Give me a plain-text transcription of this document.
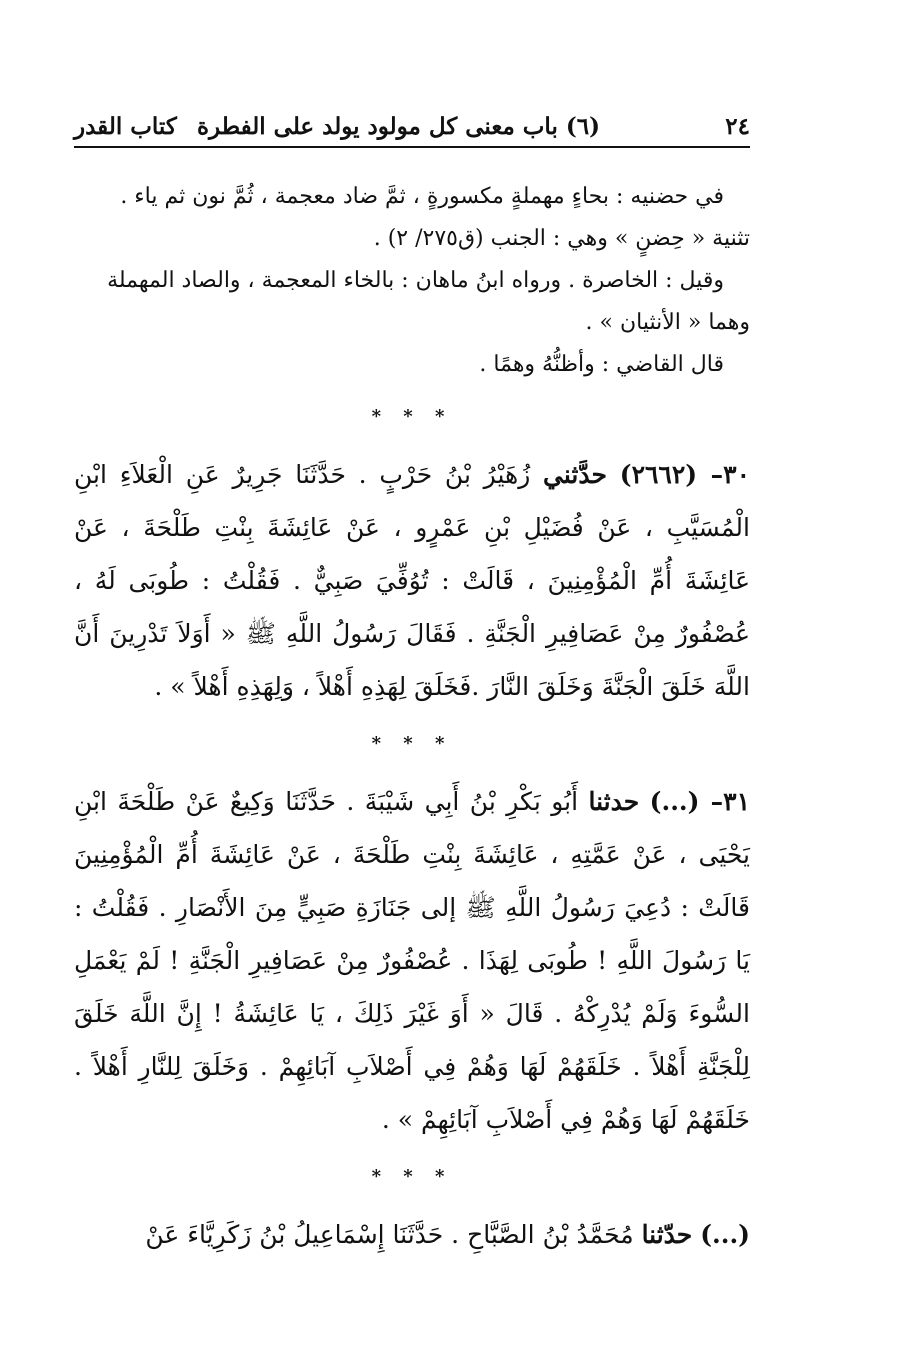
٢٤
(٦) باب معنى كل مولود يولد على الفطرة
كتاب القدر

في حضنيه : بحاءٍ مهملةٍ مكسورةٍ ، ثمَّ ضاد معجمة ، ثُمَّ نون ثم ياء .

تثنية « حِضنٍ » وهي : الجنب (ق٢٧٥/ ٢) .

وقيل : الخاصرة . ورواه ابنُ ماهان : بالخاء المعجمة ، والصاد المهملة

وهما « الأنثيان » .

قال القاضي : وأظنُّهُ وهمًا .

* * *

٣٠– (٢٦٦٢) حدَّثني زُهَيْرُ بْنُ حَرْبٍ . حَدَّثَنَا جَرِيرٌ عَنِ الْعَلاَءِ ابْنِ الْمُسَيَّبِ ، عَنْ فُضَيْلِ بْنِ عَمْرٍو ، عَنْ عَائِشَةَ بِنْتِ طَلْحَةَ ، عَنْ عَائِشَةَ أُمِّ الْمُؤْمِنِينَ ، قَالَتْ : تُوُفِّيَ صَبِيٌّ . فَقُلْتُ : طُوبَى لَهُ ، عُصْفُورٌ مِنْ عَصَافِيرِ الْجَنَّةِ . فَقَالَ رَسُولُ اللَّهِ ﷺ « أَوَلاَ تَدْرِينَ أَنَّ اللَّهَ خَلَقَ الْجَنَّةَ وَخَلَقَ النَّارَ .فَخَلَقَ لِهَذِهِ أَهْلاً ، وَلِهَذِهِ أَهْلاً » .

* * *

٣١– (...) حدثنا أَبُو بَكْرِ بْنُ أَبِي شَيْبَةَ . حَدَّثَنَا وَكِيعٌ عَنْ طَلْحَةَ ابْنِ يَحْيَى ، عَنْ عَمَّتِهِ ، عَائِشَةَ بِنْتِ طَلْحَةَ ، عَنْ عَائِشَةَ أُمِّ الْمُؤْمِنِينَ قَالَتْ : دُعِيَ رَسُولُ اللَّهِ ﷺ إلى جَنَازَةِ صَبِيٍّ مِنَ الأَنْصَارِ . فَقُلْتُ : يَا رَسُولَ اللَّهِ ! طُوبَى لِهَذَا . عُصْفُورٌ مِنْ عَصَافِيرِ الْجَنَّةِ ! لَمْ يَعْمَلِ السُّوءَ وَلَمْ يُدْرِكْهُ . قَالَ « أَوَ غَيْرَ ذَلِكَ ، يَا عَائِشَةُ ! إِنَّ اللَّهَ خَلَقَ لِلْجَنَّةِ أَهْلاً . خَلَقَهُمْ لَهَا وَهُمْ فِي أَصْلاَبِ آبَائِهِمْ . وَخَلَقَ لِلنَّارِ أَهْلاً . خَلَقَهُمْ لَهَا وَهُمْ فِي أَصْلاَبِ آبَائِهِمْ » .

* * *

(...) حدّثنا مُحَمَّدُ بْنُ الصَّبَّاحِ . حَدَّثَنَا إِسْمَاعِيلُ بْنُ زَكَرِيَّاءَ عَنْ
